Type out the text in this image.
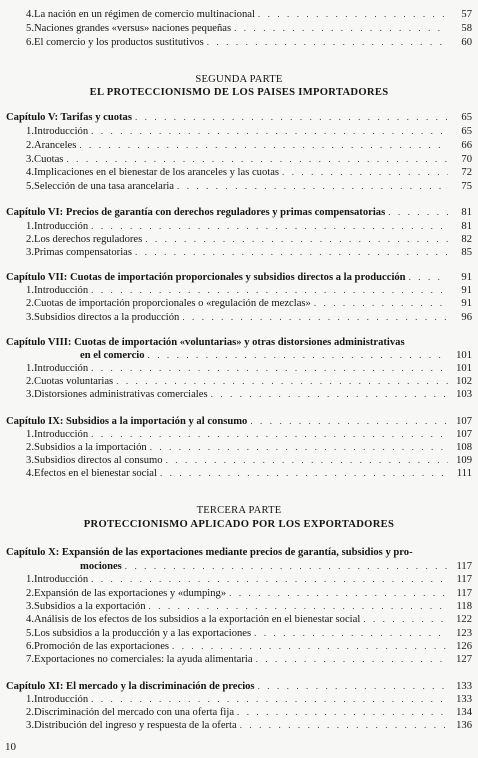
4. La nación en un régimen de comercio multinacional . . .	57
5. Naciones grandes «versus» naciones pequeñas . . .	58
6. El comercio y los productos sustitutivos . . .	60
SEGUNDA PARTE
EL PROTECCIONISMO DE LOS PAISES IMPORTADORES
Capítulo V: Tarifas y cuotas . . .	65
1. Introducción . . .	65
2. Aranceles . . .	66
3. Cuotas . . .	70
4. Implicaciones en el bienestar de los aranceles y las cuotas . . .	72
5. Selección de una tasa arancelaria . . .	75
Capítulo VI: Precios de garantía con derechos reguladores y primas compensatorias . . .	81
1. Introducción . . .	81
2. Los derechos reguladores . . .	82
3. Primas compensatorias . . .	85
Capítulo VII: Cuotas de importación proporcionales y subsidios directos a la producción . . .	91
1. Introducción . . .	91
2. Cuotas de importación proporcionales o «regulación de mezclas» . . .	91
3. Subsidios directos a la producción . . .	96
Capítulo VIII: Cuotas de importación «voluntarias» y otras distorsiones administrativas
en el comercio . . .	101
1. Introducción . . .	101
2. Cuotas voluntarias . . .	102
3. Distorsiones administrativas comerciales . . .	103
Capítulo IX: Subsidios a la importación y al consumo . . .	107
1. Introducción . . .	107
2. Subsidios a la importación . . .	108
3. Subsidios directos al consumo . . .	109
4. Efectos en el bienestar social . . .	111
TERCERA PARTE
PROTECCIONISMO APLICADO POR LOS EXPORTADORES
Capítulo X: Expansión de las exportaciones mediante precios de garantía, subsidios y pro-
mociones . . .	117
1. Introducción . . .	117
2. Expansión de las exportaciones y «dumping» . . .	117
3. Subsidios a la exportación . . .	118
4. Análisis de los efectos de los subsidios a la exportación en el bienestar social . . .	122
5. Los subsidios a la producción y a las exportaciones . . .	123
6. Promoción de las exportaciones . . .	126
7. Exportaciones no comerciales: la ayuda alimentaria . . .	127
Capítulo XI: El mercado y la discriminación de precios . . .	133
1. Introducción . . .	133
2. Discriminación del mercado con una oferta fija . . .	134
3. Distribución del ingreso y respuesta de la oferta . . .	136
10
